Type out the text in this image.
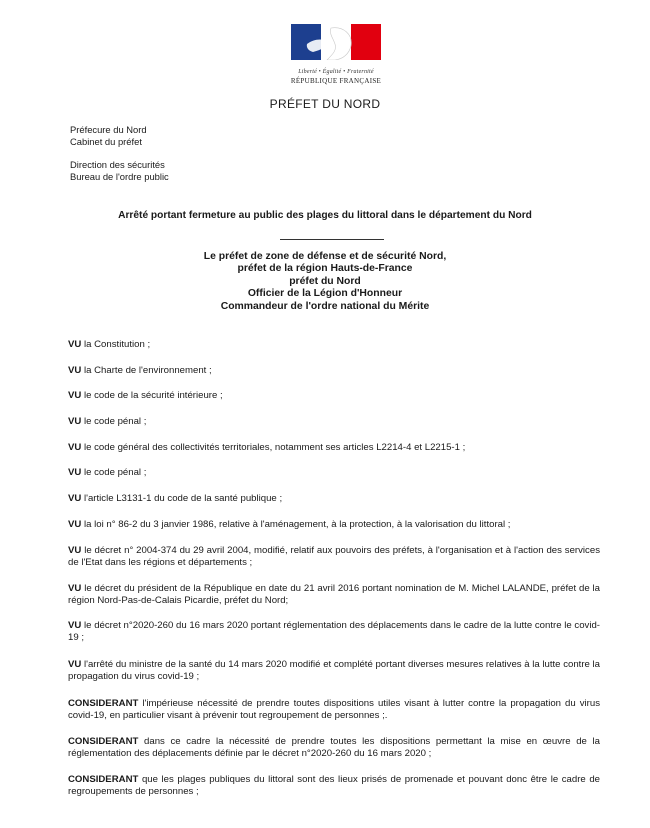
Liberté • Égalité • Fraternité
RÉPUBLIQUE FRANÇAISE
PRÉFET DU NORD
Préfecure du Nord
Cabinet du préfet
Direction des sécurités
Bureau de l'ordre public
Arrêté portant fermeture au public des plages du littoral dans le département du Nord
Le préfet de zone de défense et de sécurité Nord,
préfet de la région Hauts-de-France
préfet du Nord
Officier de la Légion d'Honneur
Commandeur de l'ordre national du Mérite
VU la Constitution ;
VU la Charte de l'environnement ;
VU le code de la sécurité intérieure ;
VU le code pénal ;
VU le code général des collectivités territoriales, notamment ses articles L2214-4 et L2215-1 ;
VU le code pénal ;
VU l'article L3131-1 du code de la santé publique ;
VU la loi n° 86-2 du 3 janvier 1986, relative à l'aménagement, à la protection, à la valorisation du littoral ;
VU le décret n° 2004-374 du 29 avril 2004, modifié, relatif aux pouvoirs des préfets, à l'organisation et à l'action des services de l'Etat dans les régions et départements ;
VU le décret du président de la République en date du 21 avril 2016 portant nomination de M. Michel LALANDE, préfet de la région Nord-Pas-de-Calais Picardie, préfet du Nord;
VU le décret n°2020-260 du 16 mars 2020 portant réglementation des déplacements dans le cadre de la lutte contre le covid-19 ;
VU l'arrêté du ministre de la santé du 14 mars 2020 modifié et complété portant diverses mesures relatives à la lutte contre la propagation du virus covid-19 ;
CONSIDERANT l'impérieuse nécessité de prendre toutes dispositions utiles visant à lutter contre la propagation du virus covid-19, en particulier visant à prévenir tout regroupement de personnes ;.
CONSIDERANT dans ce cadre la nécessité de prendre toutes les dispositions permettant la mise en œuvre de la réglementation des déplacements définie par le décret n°2020-260 du 16 mars 2020 ;
CONSIDERANT que les plages publiques du littoral sont des lieux prisés de promenade et pouvant donc être le cadre de regroupements de personnes ;
